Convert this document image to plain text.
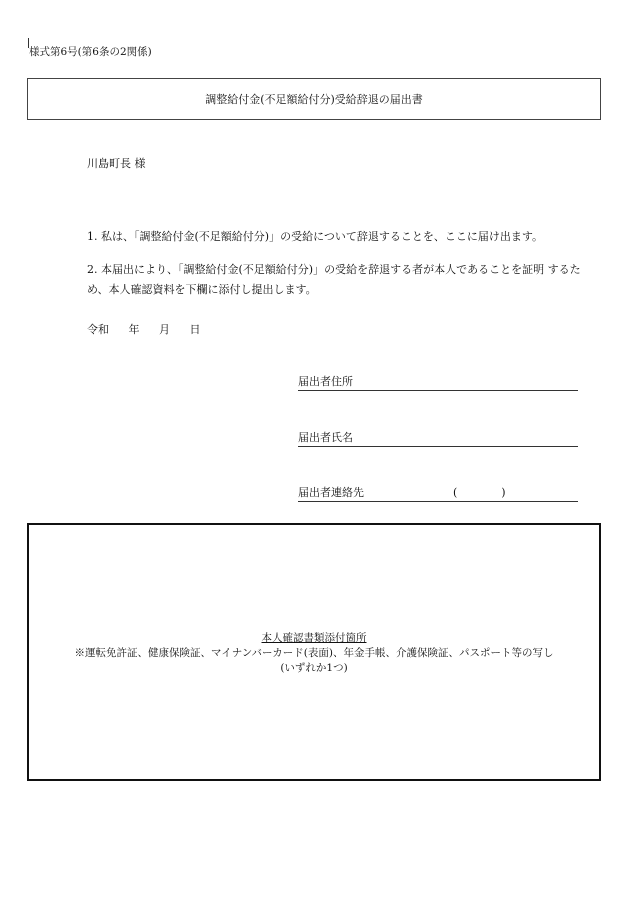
様式第6号(第6条の2関係)
調整給付金(不足額給付分)受給辞退の届出書
川島町長 様
1. 私は、「調整給付金(不足額給付分)」の受給について辞退することを、ここに届け出ます。
2. 本届出により、「調整給付金(不足額給付分)」の受給を辞退する者が本人であることを証明 するため、本人確認資料を下欄に添付し提出します。
令和 年 月 日
届出者住所
届出者氏名
届出者連絡先	(　　　　)
本人確認書類添付箇所
※運転免許証、健康保険証、マイナンバーカード(表面)、年金手帳、介護保険証、パスポート等の写し
(いずれか1つ)
